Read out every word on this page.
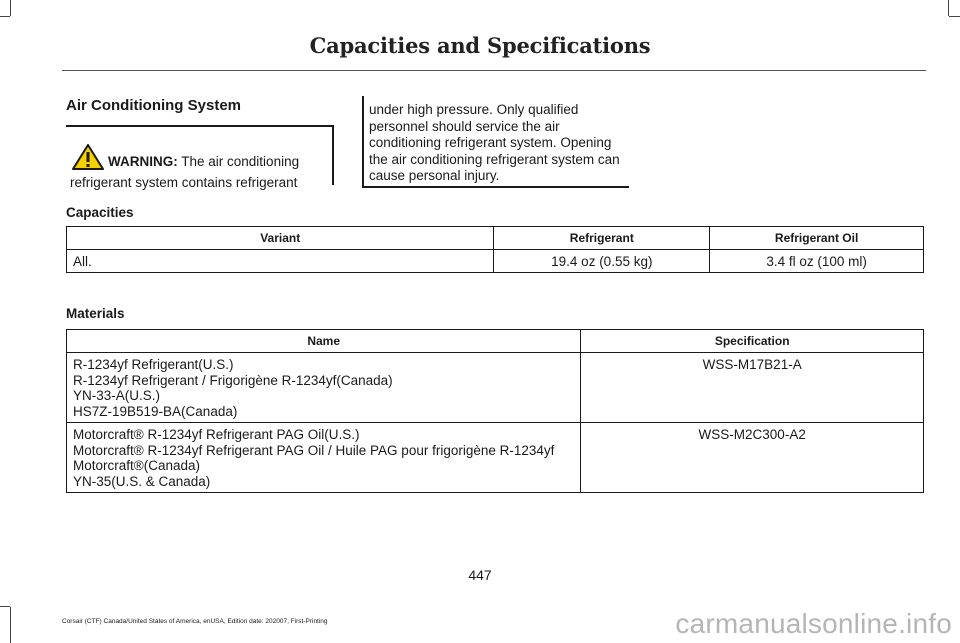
Capacities and Specifications
Air Conditioning System
WARNING: The air conditioning refrigerant system contains refrigerant
under high pressure. Only qualified personnel should service the air conditioning refrigerant system. Opening the air conditioning refrigerant system can cause personal injury.
Capacities
Variant	Refrigerant	Refrigerant Oil
All.	19.4 oz (0.55 kg)	3.4 fl oz (100 ml)
Materials
Name	Specification

R-1234yf Refrigerant(U.S.)
R-1234yf Refrigerant / Frigorigène R-1234yf(Canada)
YN-33-A(U.S.)
HS7Z-19B519-BA(Canada)	WSS-M17B21-A

Motorcraft® R-1234yf Refrigerant PAG Oil(U.S.)
Motorcraft® R-1234yf Refrigerant PAG Oil / Huile PAG pour frigorigène R-1234yf
Motorcraft®(Canada)
YN-35(U.S. & Canada)	WSS-M2C300-A2
447
Corsair (CTF) Canada/United States of America, enUSA, Edition date: 202007, First-Printing	carmanualsonline.info
